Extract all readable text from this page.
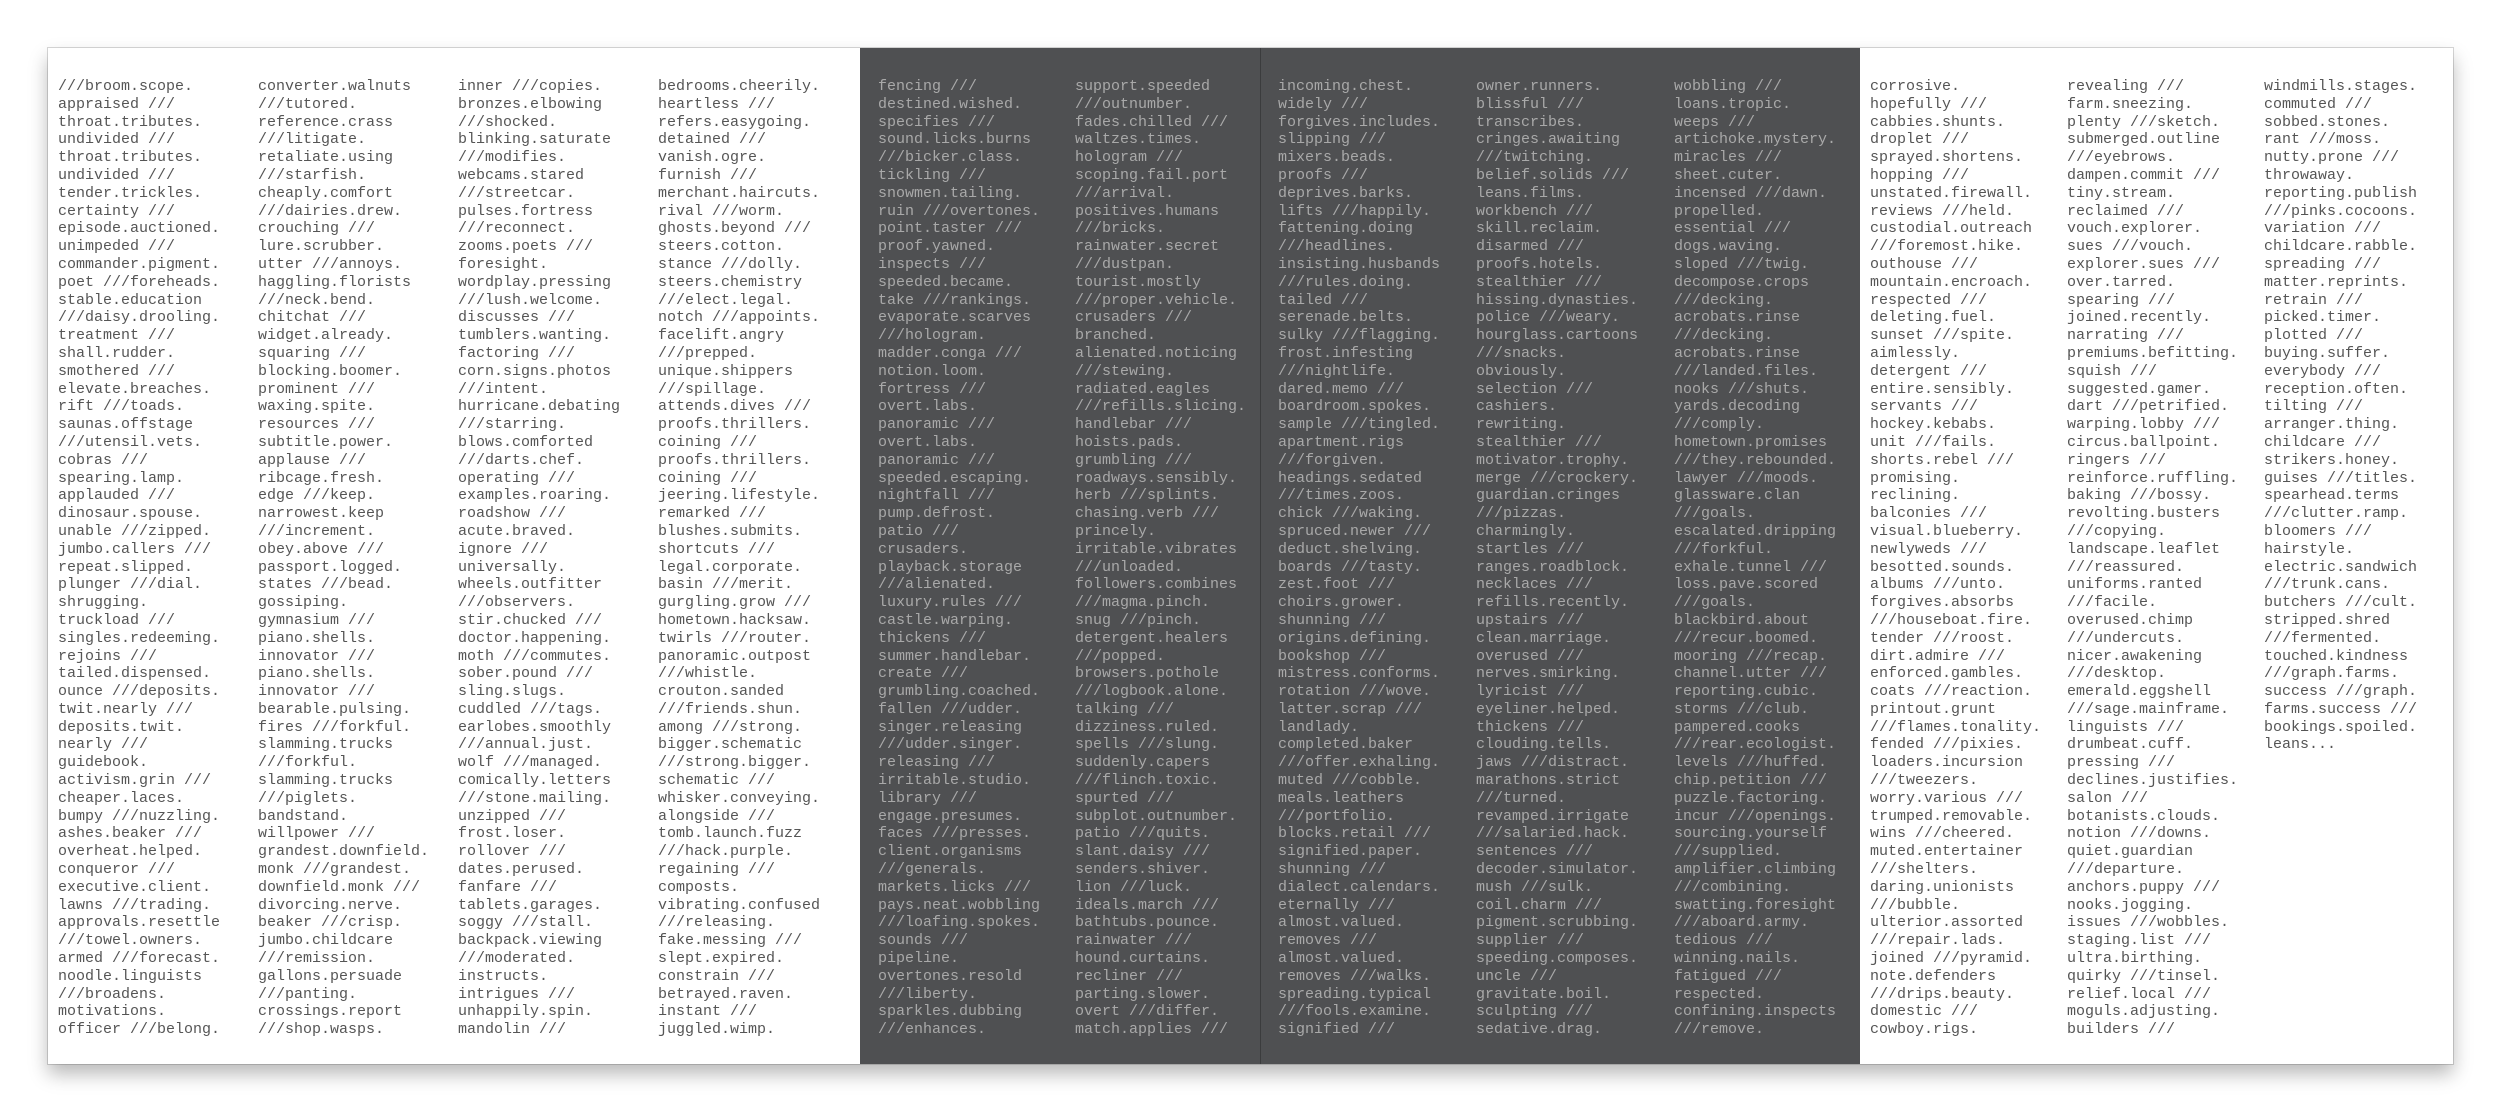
///broom.scope.
appraised ///
throat.tributes.
undivided ///
throat.tributes.
undivided ///
tender.trickles.
certainty ///
episode.auctioned.
unimpeded ///
commander.pigment.
poet ///foreheads.
stable.education
///daisy.drooling.
treatment ///
shall.rudder.
smothered ///
elevate.breaches.
rift ///toads.
saunas.offstage
///utensil.vets.
cobras ///
spearing.lamp.
applauded ///
dinosaur.spouse.
unable ///zipped.
jumbo.callers ///
repeat.slipped.
plunger ///dial.
shrugging.
truckload ///
singles.redeeming.
rejoins ///
tailed.dispensed.
ounce ///deposits.
twit.nearly ///
deposits.twit.
nearly ///
guidebook.
activism.grin ///
cheaper.laces.
bumpy ///nuzzling.
ashes.beaker ///
overheat.helped.
conqueror ///
executive.client.
lawns ///trading.
approvals.resettle
///towel.owners.
armed ///forecast.
noodle.linguists
///broadens.
motivations.
officer ///belong.
converter.walnuts
///tutored.
reference.crass
///litigate.
retaliate.using
///starfish.
cheaply.comfort
///dairies.drew.
crouching ///
lure.scrubber.
utter ///annoys.
haggling.florists
///neck.bend.
chitchat ///
widget.already.
squaring ///
blocking.boomer.
prominent ///
waxing.spite.
resources ///
subtitle.power.
applause ///
ribcage.fresh.
edge ///keep.
narrowest.keep
///increment.
obey.above ///
passport.logged.
states ///bead.
gossiping.
gymnasium ///
piano.shells.
innovator ///
piano.shells.
innovator ///
bearable.pulsing.
fires ///forkful.
slamming.trucks
///forkful.
slamming.trucks
///piglets.
bandstand.
willpower ///
grandest.downfield.
monk ///grandest.
downfield.monk ///
divorcing.nerve.
beaker ///crisp.
jumbo.childcare
///remission.
gallons.persuade
///panting.
crossings.report
///shop.wasps.
inner ///copies.
bronzes.elbowing
///shocked.
blinking.saturate
///modifies.
webcams.stared
///streetcar.
pulses.fortress
///reconnect.
zooms.poets ///
foresight.
wordplay.pressing
///lush.welcome.
discusses ///
tumblers.wanting.
factoring ///
corn.signs.photos
///intent.
hurricane.debating
///starring.
blows.comforted
///darts.chef.
operating ///
examples.roaring.
roadshow ///
acute.braved.
ignore ///
universally.
wheels.outfitter
///observers.
stir.chucked ///
doctor.happening.
moth ///commutes.
sober.pound ///
sling.slugs.
cuddled ///tags.
earlobes.smoothly
///annual.just.
wolf ///managed.
comically.letters
///stone.mailing.
unzipped ///
frost.loser.
rollover ///
dates.perused.
fanfare ///
tablets.garages.
soggy ///stall.
backpack.viewing
///moderated.
instructs.
intrigues ///
unhappily.spin.
mandolin ///
bedrooms.cheerily.
heartless ///
refers.easygoing.
detained ///
vanish.ogre.
furnish ///
merchant.haircuts.
rival ///worm.
ghosts.beyond ///
steers.cotton.
stance ///dolly.
steers.chemistry
///elect.legal.
notch ///appoints.
facelift.angry
///prepped.
unique.shippers
///spillage.
attends.dives ///
proofs.thrillers.
coining ///
proofs.thrillers.
coining ///
jeering.lifestyle.
remarked ///
blushes.submits.
shortcuts ///
legal.corporate.
basin ///merit.
gurgling.grow ///
hometown.hacksaw.
twirls ///router.
panoramic.outpost
///whistle.
crouton.sanded
///friends.shun.
among ///strong.
bigger.schematic
///strong.bigger.
schematic ///
whisker.conveying.
alongside ///
tomb.launch.fuzz
///hack.purple.
regaining ///
composts.
vibrating.confused
///releasing.
fake.messing ///
slept.expired.
constrain ///
betrayed.raven.
instant ///
juggled.wimp.
fencing ///
destined.wished.
specifies ///
sound.licks.burns
///bicker.class.
tickling ///
snowmen.tailing.
ruin ///overtones.
point.taster ///
proof.yawned.
inspects ///
speeded.became.
take ///rankings.
evaporate.scarves
///hologram.
madder.conga ///
notion.loom.
fortress ///
overt.labs.
panoramic ///
overt.labs.
panoramic ///
speeded.escaping.
nightfall ///
pump.defrost.
patio ///
crusaders.
playback.storage
///alienated.
luxury.rules ///
castle.warping.
thickens ///
summer.handlebar.
create ///
grumbling.coached.
fallen ///udder.
singer.releasing
///udder.singer.
releasing ///
irritable.studio.
library ///
engage.presumes.
faces ///presses.
client.organisms
///generals.
markets.licks ///
pays.neat.wobbling
///loafing.spokes.
sounds ///
pipeline.
overtones.resold
///liberty.
sparkles.dubbing
///enhances.
support.speeded
///outnumber.
fades.chilled ///
waltzes.times.
hologram ///
scoping.fail.port
///arrival.
positives.humans
///bricks.
rainwater.secret
///dustpan.
tourist.mostly
///proper.vehicle.
crusaders ///
branched.
alienated.noticing
///stewing.
radiated.eagles
///refills.slicing.
handlebar ///
hoists.pads.
grumbling ///
roadways.sensibly.
herb ///splints.
chasing.verb ///
princely.
irritable.vibrates
///unloaded.
followers.combines
///magma.pinch.
snug ///pinch.
detergent.healers
///popped.
browsers.pothole
///logbook.alone.
talking ///
dizziness.ruled.
spells ///slung.
suddenly.capers
///flinch.toxic.
spurted ///
subplot.outnumber.
patio ///quits.
slant.daisy ///
senders.shiver.
lion ///luck.
ideals.march ///
bathtubs.pounce.
rainwater ///
hound.curtains.
recliner ///
parting.slower.
overt ///differ.
match.applies ///
incoming.chest.
widely ///
forgives.includes.
slipping ///
mixers.beads.
proofs ///
deprives.barks.
lifts ///happily.
fattening.doing
///headlines.
insisting.husbands
///rules.doing.
tailed ///
serenade.belts.
sulky ///flagging.
frost.infesting
///nightlife.
dared.memo ///
boardroom.spokes.
sample ///tingled.
apartment.rigs
///forgiven.
headings.sedated
///times.zoos.
chick ///waking.
spruced.newer ///
deduct.shelving.
boards ///tasty.
zest.foot ///
choirs.grower.
shunning ///
origins.defining.
bookshop ///
mistress.conforms.
rotation ///wove.
latter.scrap ///
landlady.
completed.baker
///offer.exhaling.
muted ///cobble.
meals.leathers
///portfolio.
blocks.retail ///
signified.paper.
shunning ///
dialect.calendars.
eternally ///
almost.valued.
removes ///
almost.valued.
removes ///walks.
spreading.typical
///fools.examine.
signified ///
owner.runners.
blissful ///
transcribes.
cringes.awaiting
///twitching.
belief.solids ///
leans.films.
workbench ///
skill.reclaim.
disarmed ///
proofs.hotels.
stealthier ///
hissing.dynasties.
police ///weary.
hourglass.cartoons
///snacks.
obviously.
selection ///
cashiers.
rewriting.
stealthier ///
motivator.trophy.
merge ///crockery.
guardian.cringes
///pizzas.
charmingly.
startles ///
ranges.roadblock.
necklaces ///
refills.recently.
upstairs ///
clean.marriage.
overused ///
nerves.smirking.
lyricist ///
eyeliner.helped.
thickens ///
clouding.tells.
jaws ///distract.
marathons.strict
///turned.
revamped.irrigate
///salaried.hack.
sentences ///
decoder.simulator.
mush ///sulk.
coil.charm ///
pigment.scrubbing.
supplier ///
speeding.composes.
uncle ///
gravitate.boil.
sculpting ///
sedative.drag.
wobbling ///
loans.tropic.
weeps ///
artichoke.mystery.
miracles ///
sheet.cuter.
incensed ///dawn.
propelled.
essential ///
dogs.waving.
sloped ///twig.
decompose.crops
///decking.
acrobats.rinse
///decking.
acrobats.rinse
///landed.files.
nooks ///shuts.
yards.decoding
///comply.
hometown.promises
///they.rebounded.
lawyer ///moods.
glassware.clan
///goals.
escalated.dripping
///forkful.
exhale.tunnel ///
loss.pave.scored
///goals.
blackbird.about
///recur.boomed.
mooring ///recap.
channel.utter ///
reporting.cubic.
storms ///club.
pampered.cooks
///rear.ecologist.
levels ///huffed.
chip.petition ///
puzzle.factoring.
incur ///openings.
sourcing.yourself
///supplied.
amplifier.climbing
///combining.
swatting.foresight
///aboard.army.
tedious ///
winning.nails.
fatigued ///
respected.
confining.inspects
///remove.
corrosive.
hopefully ///
cabbies.shunts.
droplet ///
sprayed.shortens.
hopping ///
unstated.firewall.
reviews ///held.
custodial.outreach
///foremost.hike.
outhouse ///
mountain.encroach.
respected ///
deleting.fuel.
sunset ///spite.
aimlessly.
detergent ///
entire.sensibly.
servants ///
hockey.kebabs.
unit ///fails.
shorts.rebel ///
promising.
reclining.
balconies ///
visual.blueberry.
newlyweds ///
besotted.sounds.
albums ///unto.
forgives.absorbs
///houseboat.fire.
tender ///roost.
dirt.admire ///
enforced.gambles.
coats ///reaction.
printout.grunt
///flames.tonality.
fended ///pixies.
loaders.incursion
///tweezers.
worry.various ///
trumped.removable.
wins ///cheered.
muted.entertainer
///shelters.
daring.unionists
///bubble.
ulterior.assorted
///repair.lads.
joined ///pyramid.
note.defenders
///drips.beauty.
domestic ///
cowboy.rigs.
revealing ///
farm.sneezing.
plenty ///sketch.
submerged.outline
///eyebrows.
dampen.commit ///
tiny.stream.
reclaimed ///
vouch.explorer.
sues ///vouch.
explorer.sues ///
over.tarred.
spearing ///
joined.recently.
narrating ///
premiums.befitting.
squish ///
suggested.gamer.
dart ///petrified.
warping.lobby ///
circus.ballpoint.
ringers ///
reinforce.ruffling.
baking ///bossy.
revolting.busters
///copying.
landscape.leaflet
///reassured.
uniforms.ranted
///facile.
overused.chimp
///undercuts.
nicer.awakening
///desktop.
emerald.eggshell
///sage.mainframe.
linguists ///
drumbeat.cuff.
pressing ///
declines.justifies.
salon ///
botanists.clouds.
notion ///downs.
quiet.guardian
///departure.
anchors.puppy ///
nooks.jogging.
issues ///wobbles.
staging.list ///
ultra.birthing.
quirky ///tinsel.
relief.local ///
moguls.adjusting.
builders ///
windmills.stages.
commuted ///
sobbed.stones.
rant ///moss.
nutty.prone ///
throwaway.
reporting.publish
///pinks.cocoons.
variation ///
childcare.rabble.
spreading ///
matter.reprints.
retrain ///
picked.timer.
plotted ///
buying.suffer.
everybody ///
reception.often.
tilting ///
arranger.thing.
childcare ///
strikers.honey.
guises ///titles.
spearhead.terms
///clutter.ramp.
bloomers ///
hairstyle.
electric.sandwich
///trunk.cans.
butchers ///cult.
stripped.shred
///fermented.
touched.kindness
///graph.farms.
success ///graph.
farms.success ///
bookings.spoiled.
leans...
